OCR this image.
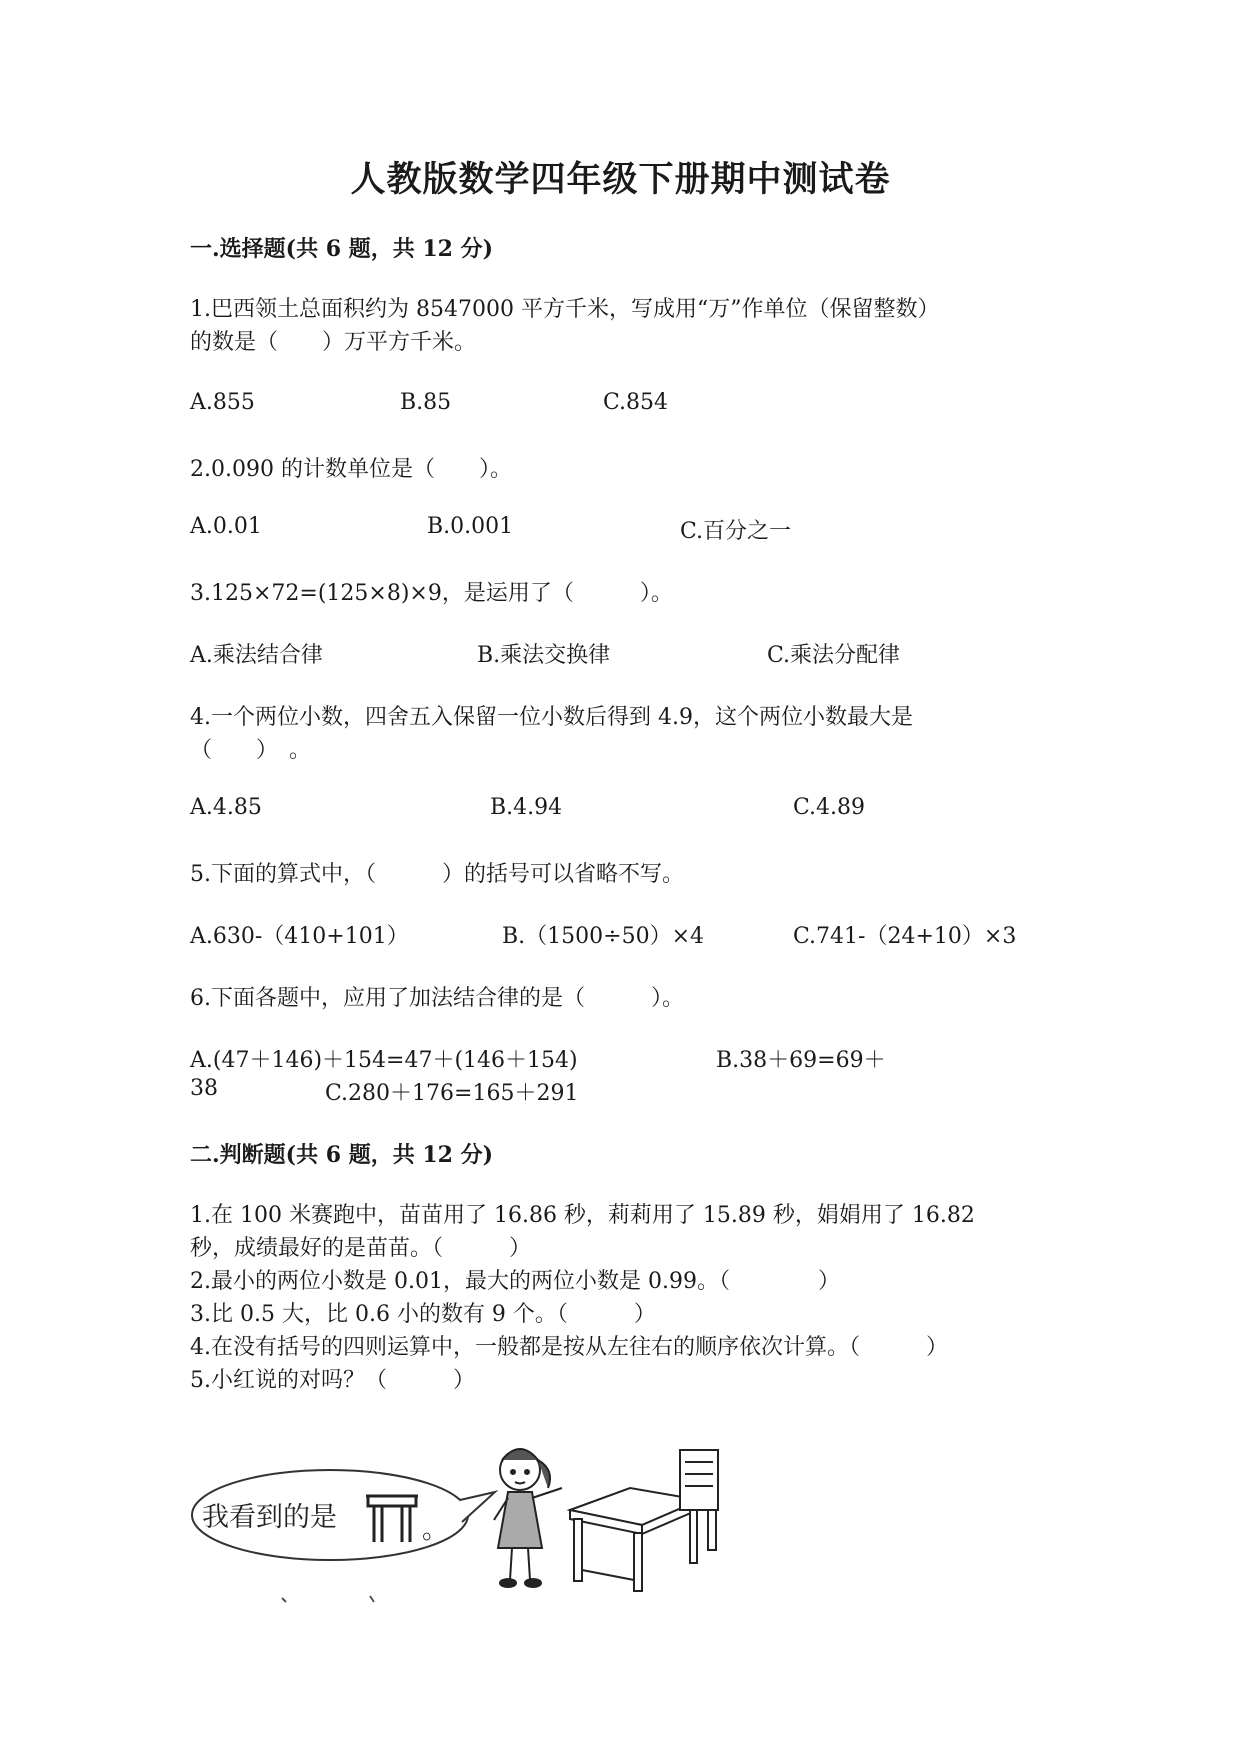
人教版数学四年级下册期中测试卷
一.选择题(共 6 题，共 12 分)
1.巴西领土总面积约为 8547000 平方千米，写成用“万”作单位（保留整数）
的数是（　　）万平方千米。
A.855	B.85	C.854
2.0.090 的计数单位是（　　）。
A.0.01	B.0.001	C.百分之一
3.125×72=(125×8)×9，是运用了（　　　）。
A.乘法结合律	B.乘法交换律	C.乘法分配律
4.一个两位小数，四舍五入保留一位小数后得到 4.9，这个两位小数最大是
（　　）　。
A.4.85	B.4.94	C.4.89
5.下面的算式中，（　　　）的括号可以省略不写。
A.630-（410+101）	B.（1500÷50）×4	C.741-（24+10）×3
6.下面各题中，应用了加法结合律的是（　　　）。
A.(47＋146)＋154=47＋(146＋154)	B.38＋69=69＋
38	C.280＋176=165＋291
二.判断题(共 6 题，共 12 分)
1.在 100 米赛跑中，苗苗用了 16.86 秒，莉莉用了 15.89 秒，娟娟用了 16.82
秒，成绩最好的是苗苗。（　　　）
2.最小的两位小数是 0.01，最大的两位小数是 0.99。（　　　　）
3.比 0.5 大，比 0.6 小的数有 9 个。（　　　）
4.在没有括号的四则运算中，一般都是按从左往右的顺序依次计算。（　　　）
5.小红说的对吗？（　　　）
我看到的是	。
